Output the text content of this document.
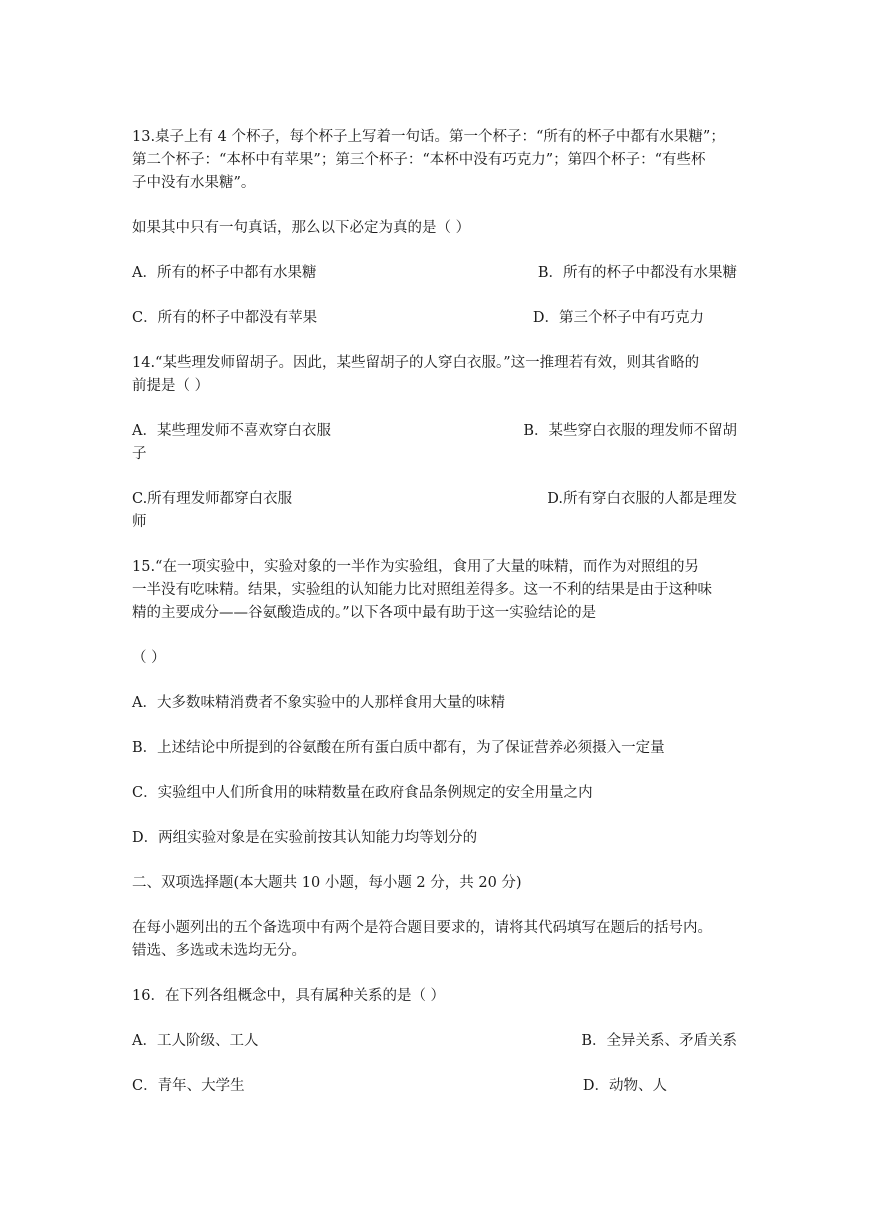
13.桌子上有 4 个杯子，每个杯子上写着一句话。第一个杯子：“所有的杯子中都有水果糖”；

第二个杯子：“本杯中有苹果”；第三个杯子：“本杯中没有巧克力”；第四个杯子：“有些杯

子中没有水果糖”。

如果其中只有一句真话，那么以下必定为真的是（ ）

A．所有的杯子中都有水果糖	B．所有的杯子中都没有水果糖
C．所有的杯子中都没有苹果	D．第三个杯子中有巧克力

14.“某些理发师留胡子。因此，某些留胡子的人穿白衣服。”这一推理若有效，则其省略的

前提是（ ）

A．某些理发师不喜欢穿白衣服	B．某些穿白衣服的理发师不留胡

子

C.所有理发师都穿白衣服	D.所有穿白衣服的人都是理发

师

15.“在一项实验中，实验对象的一半作为实验组，食用了大量的味精，而作为对照组的另

一半没有吃味精。结果，实验组的认知能力比对照组差得多。这一不利的结果是由于这种味

精的主要成分——谷氨酸造成的。”以下各项中最有助于这一实验结论的是

（ ）

A．大多数味精消费者不象实验中的人那样食用大量的味精

B．上述结论中所提到的谷氨酸在所有蛋白质中都有，为了保证营养必须摄入一定量

C．实验组中人们所食用的味精数量在政府食品条例规定的安全用量之内

D．两组实验对象是在实验前按其认知能力均等划分的

二、双项选择题(本大题共 10 小题，每小题 2 分，共 20 分)

在每小题列出的五个备选项中有两个是符合题目要求的，请将其代码填写在题后的括号内。

错选、多选或未选均无分。

16．在下列各组概念中，具有属种关系的是（ ）

A．工人阶级、工人	B．全异关系、矛盾关系
C．青年、大学生	D．动物、人
